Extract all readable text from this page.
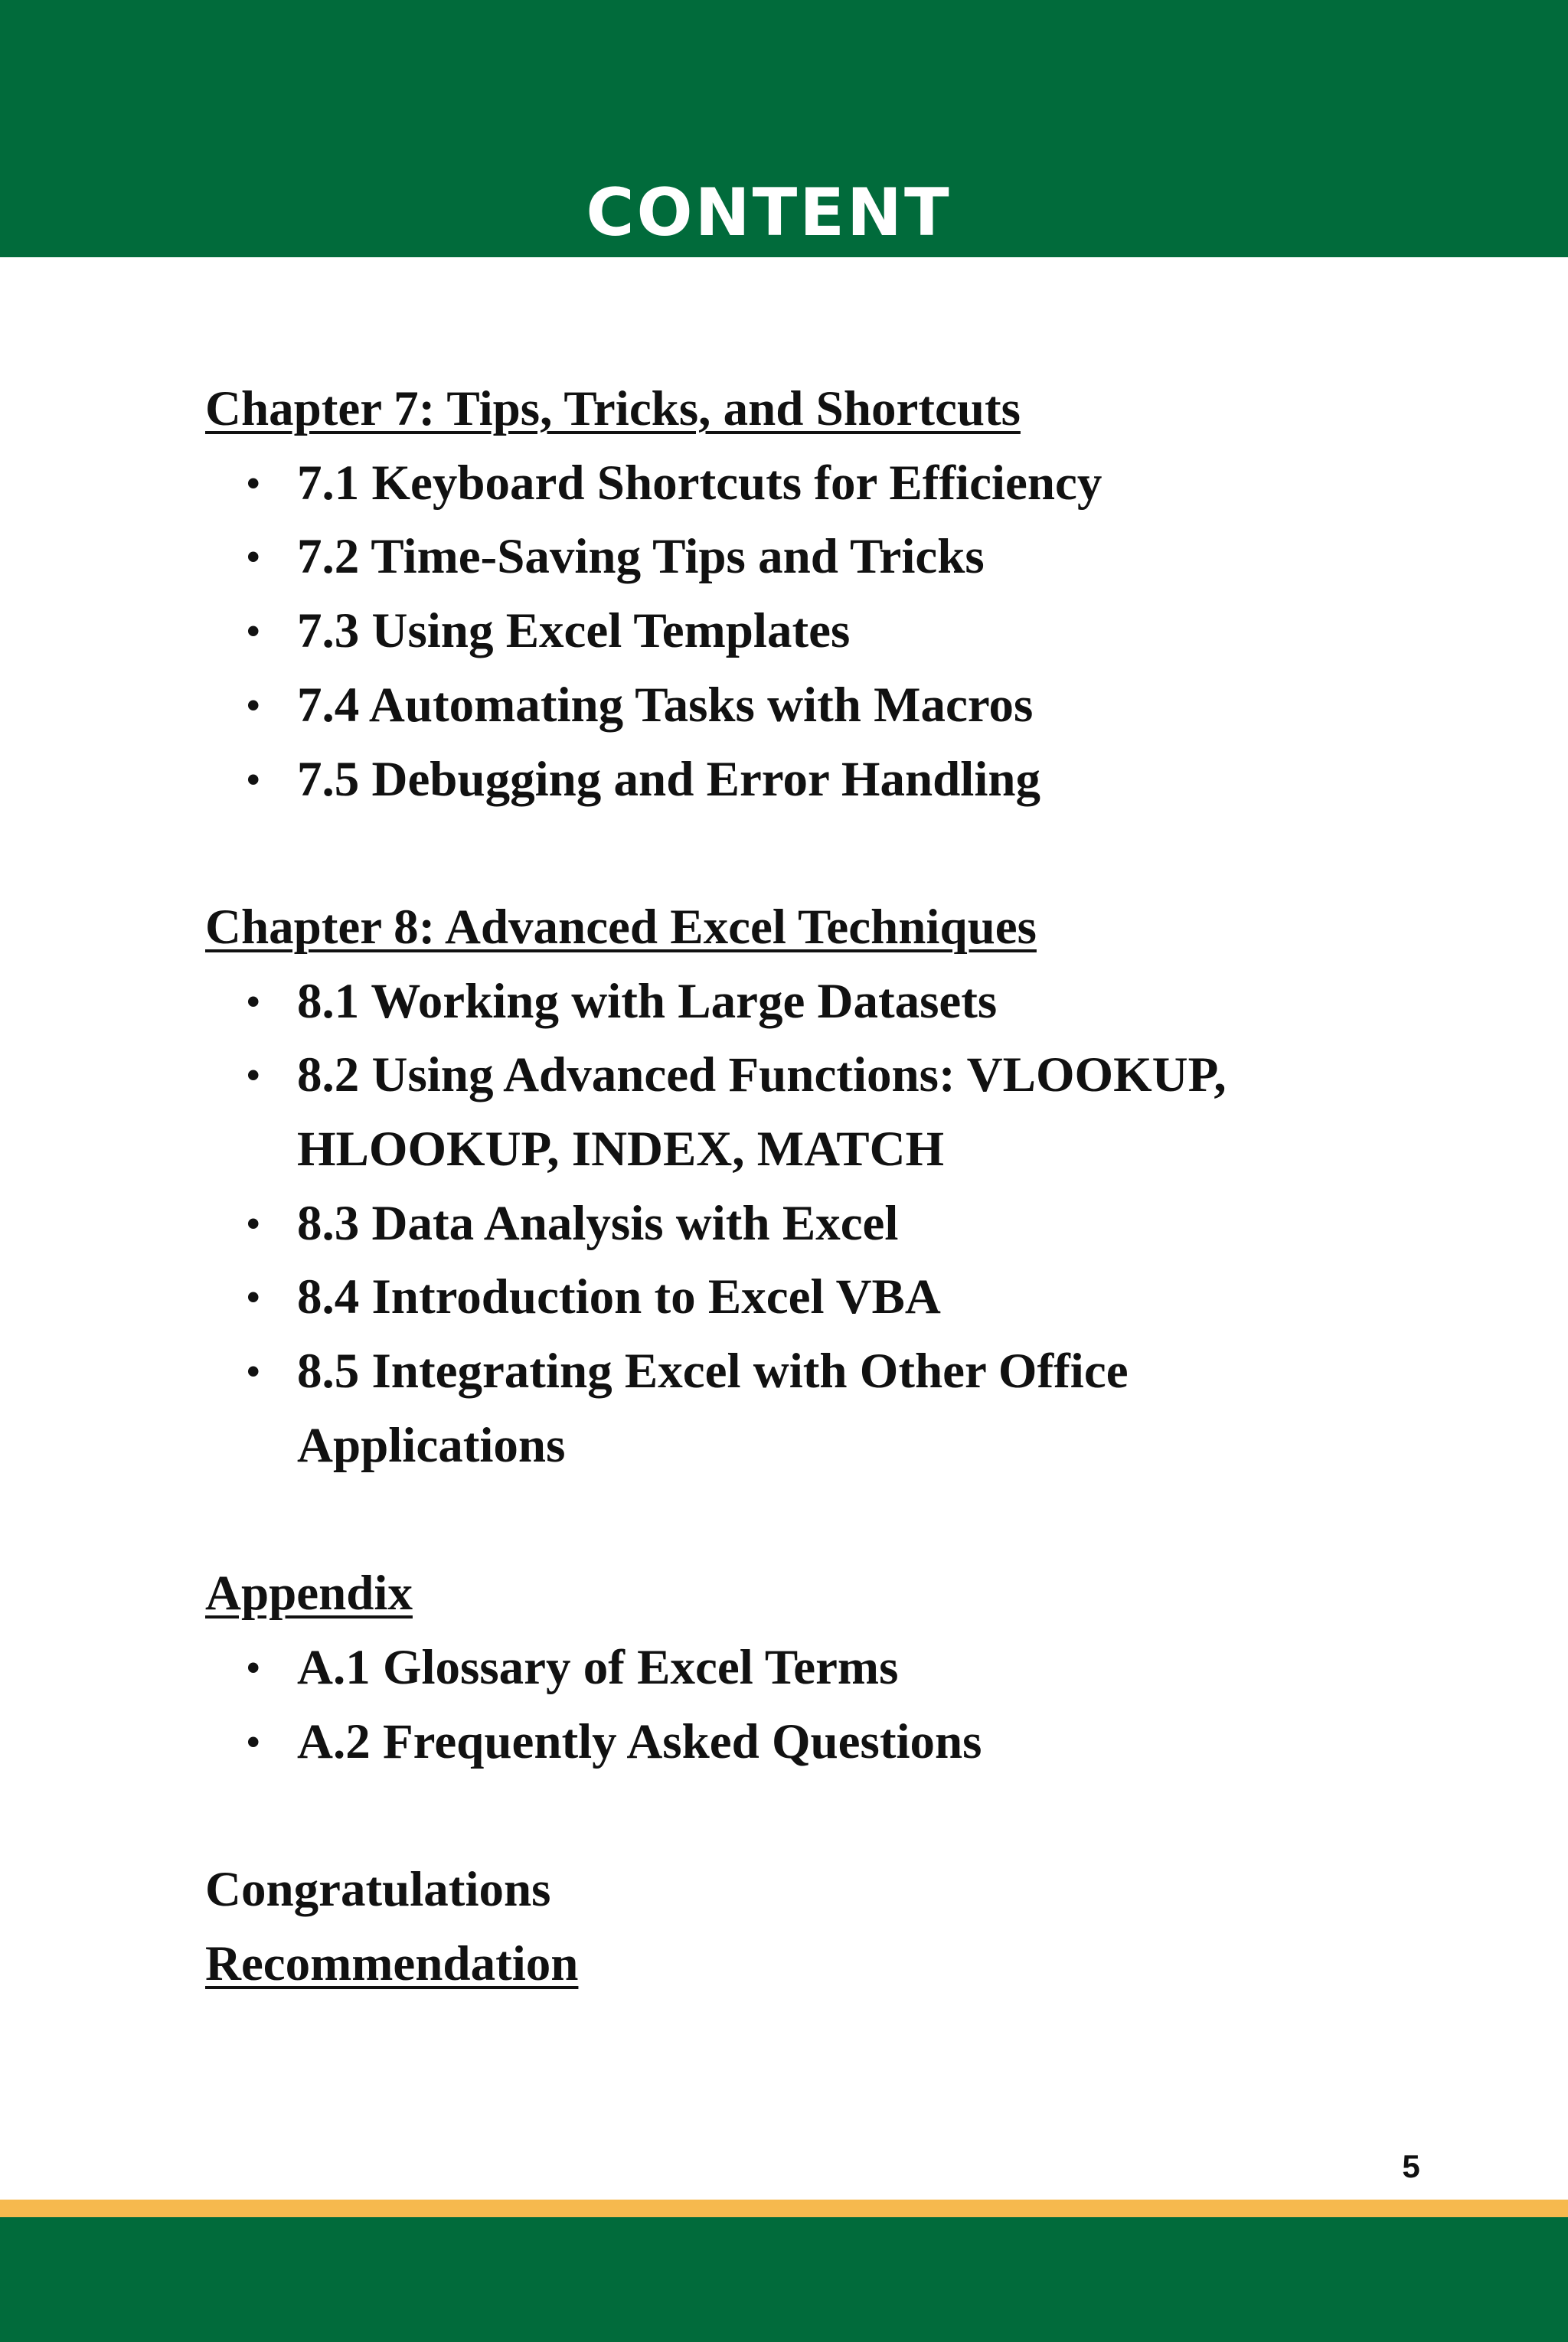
CONTENT
Chapter 7: Tips, Tricks, and Shortcuts
• 7.1 Keyboard Shortcuts for Efficiency
• 7.2 Time-Saving Tips and Tricks
• 7.3 Using Excel Templates
• 7.4 Automating Tasks with Macros
• 7.5 Debugging and Error Handling
Chapter 8: Advanced Excel Techniques
• 8.1 Working with Large Datasets
• 8.2 Using Advanced Functions: VLOOKUP,
HLOOKUP, INDEX, MATCH
• 8.3 Data Analysis with Excel
• 8.4 Introduction to Excel VBA
• 8.5 Integrating Excel with Other Office
Applications
Appendix
• A.1 Glossary of Excel Terms
• A.2 Frequently Asked Questions
Congratulations
Recommendation
5
